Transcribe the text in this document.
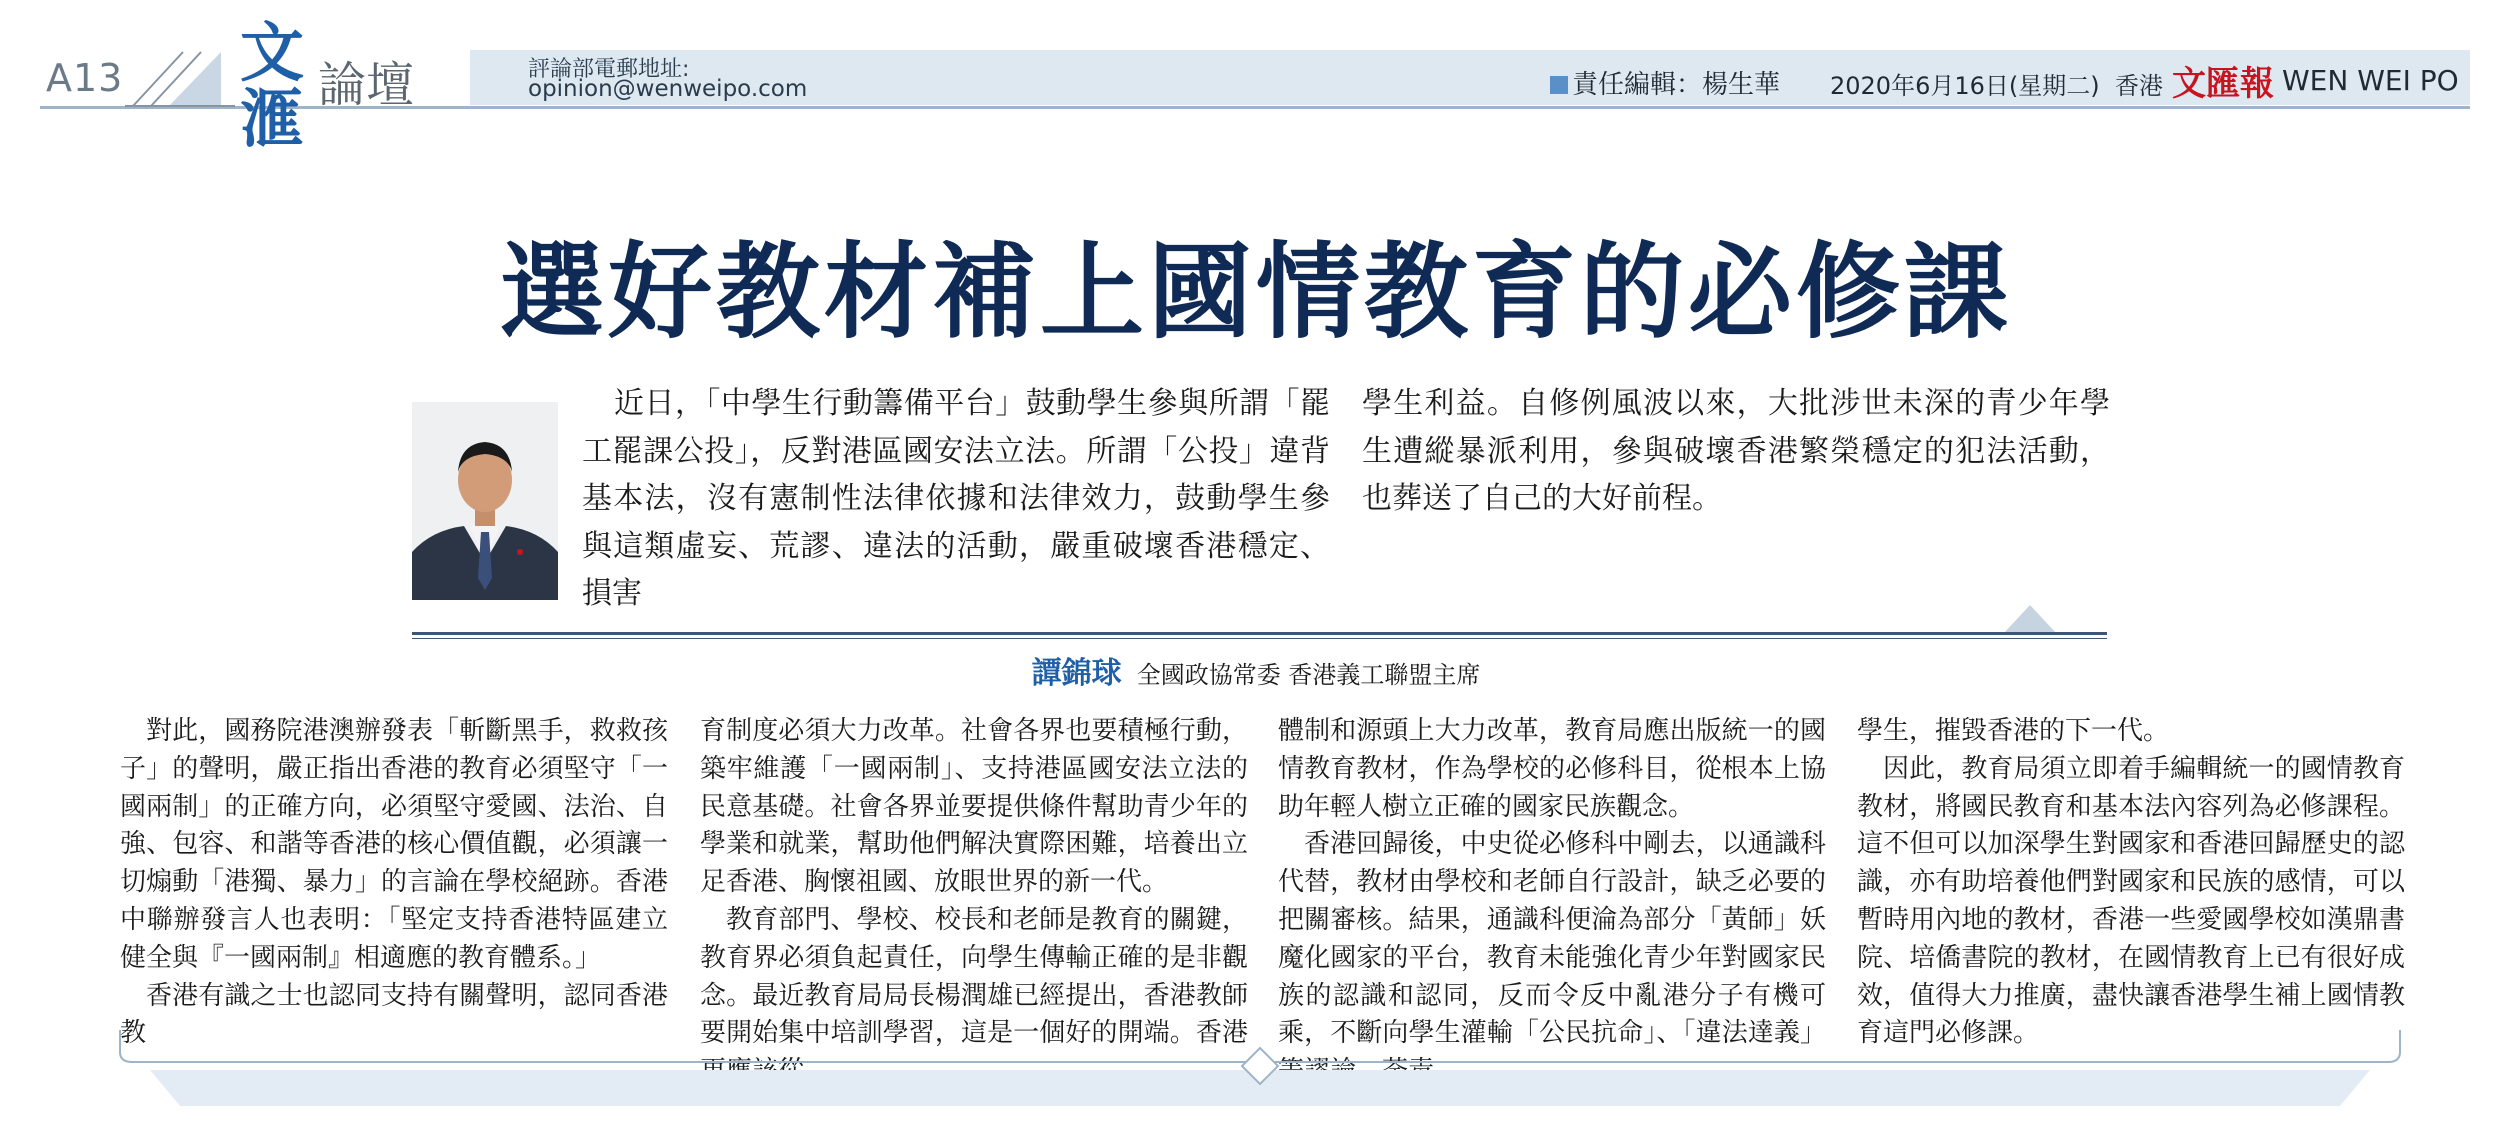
A13 文
滙 論壇	評論部電郵地址:
opinion@wenweipo.com	責任編輯：楊生華 2020年6月16日(星期二) 香港 文匯報 WEN WEI PO
選好教材補上國情教育的必修課
近日，「中學生行動籌備平台」鼓動學生參與所謂「罷工罷課公投」，反對港區國安法立法。所謂「公投」違背基本法，沒有憲制性法律依據和法律效力，鼓動學生參與這類虛妄、荒謬、違法的活動，嚴重破壞香港穩定、損害
學生利益。自修例風波以來，大批涉世未深的青少年學生遭縱暴派利用，參與破壞香港繁榮穩定的犯法活動，也葬送了自己的大好前程。
譚錦球 全國政協常委 香港義工聯盟主席

對此，國務院港澳辦發表「斬斷黑手，救救孩子」的聲明，嚴正指出香港的教育必須堅守「一國兩制」的正確方向，必須堅守愛國、法治、自強、包容、和諧等香港的核心價值觀，必須讓一切煽動「港獨、暴力」的言論在學校絕跡。香港中聯辦發言人也表明：「堅定支持香港特區建立健全與『一國兩制』相適應的教育體系。」

香港有識之士也認同支持有關聲明，認同香港教

育制度必須大力改革。社會各界也要積極行動，築牢維護「一國兩制」、支持港區國安法立法的民意基礎。社會各界並要提供條件幫助青少年的學業和就業，幫助他們解決實際困難，培養出立足香港、胸懷祖國、放眼世界的新一代。

教育部門、學校、校長和老師是教育的關鍵，教育界必須負起責任，向學生傳輸正確的是非觀念。最近教育局局長楊潤雄已經提出，香港教師要開始集中培訓學習，這是一個好的開端。香港

體制和源頭上大力改革，教育局應出版統一的國情教育教材，作為學校的必修科目，從根本上協助年輕人樹立正確的國家民族觀念。

香港回歸後，中史從必修科中剛去，以通識科代替，教材由學校和老師自行設計，缺乏必要的把關審核。結果，通識科便淪為部分「黃師」妖魔化國家的平台，教育未能強化青少年對國家民族的認識和認同，反而令反中亂港分子有機可乘，不斷向學生灌輸「公民抗命」、「違法達義」

學生，摧毀香港的下一代。

因此，教育局須立即着手編輯統一的國情教育教材，將國民教育和基本法內容列為必修課程。這不但可以加深學生對國家和香港回歸歷史的認識，亦有助培養他們對國家和民族的感情，可以暫時用內地的教材，香港一些愛國學校如漢鼎書院、培僑書院的教材，在國情教育上已有很好成效，值得大力推廣，盡快讓香港學生補上國情教育這門必修課。
